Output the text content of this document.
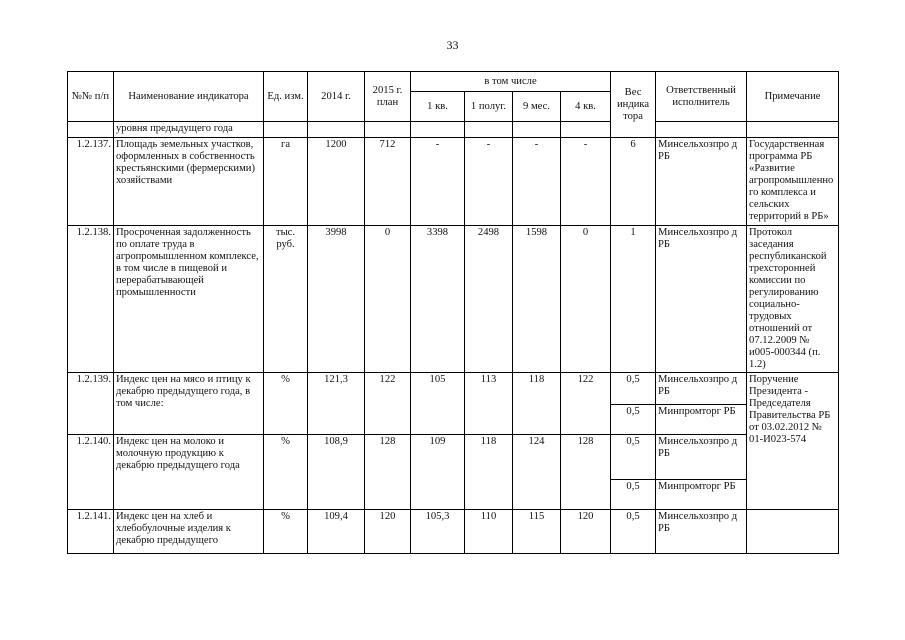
33
№№ п/п	Наименование индикатора	Ед. изм.	2014 г.	2015 г. план	в том числе				Вес индика тора	Ответственный исполнитель	Примечание
					1 кв.	1 полуг.	9 мес.	4 кв.			
	уровня предыдущего года										
1.2.137.	Площадь земельных участков, оформленных в собственность крестьянскими (фермерскими) хозяйствами	га	1200	712	-	-	-	-	6	Минсельхозпро д РБ	Государственная программа РБ «Развитие агропромышленно го комплекса и сельских территорий в РБ»
1.2.138.	Просроченная задолженность по оплате труда в агропромышленном комплексе, в том числе в пищевой и перерабатывающей промышленности	тыс. руб.	3998	0	3398	2498	1598	0	1	Минсельхозпро д РБ	Протокол заседания республиканской трехсторонней комиссии по регулированию социально-трудовых отношений от 07.12.2009 № и005-000344 (п. 1.2)
1.2.139.	Индекс цен на мясо и птицу к декабрю предыдущего года, в том числе:	%	121,3	122	105	113	118	122	0,5	Минсельхозпро д РБ	Поручение Президента - Председателя Правительства РБ от 03.02.2012 № 01-И023-574
									0,5	Минпромторг РБ	
1.2.140.	Индекс цен на молоко и молочную продукцию к декабрю предыдущего года	%	108,9	128	109	118	124	128	0,5	Минсельхозпро д РБ	
									0,5	Минпромторг РБ	
1.2.141.	Индекс цен на хлеб и хлебобулочные изделия к декабрю предыдущего	%	109,4	120	105,3	110	115	120	0,5	Минсельхозпро д РБ	
